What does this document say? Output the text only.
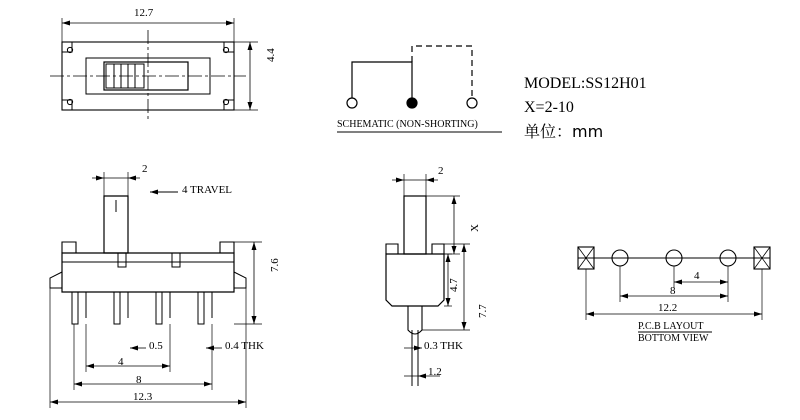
12.7
4.4
SCHEMATIC (NON-SHORTING)
MODEL:SS12H01
X=2-10
单位：mm
2
4 TRAVEL
7.6
0.5	0.4 THK
4
8
12.3
2
X
4.7
7.7
0.3 THK
1.2
4
8
12.2
P.C.B LAYOUT
BOTTOM VIEW
